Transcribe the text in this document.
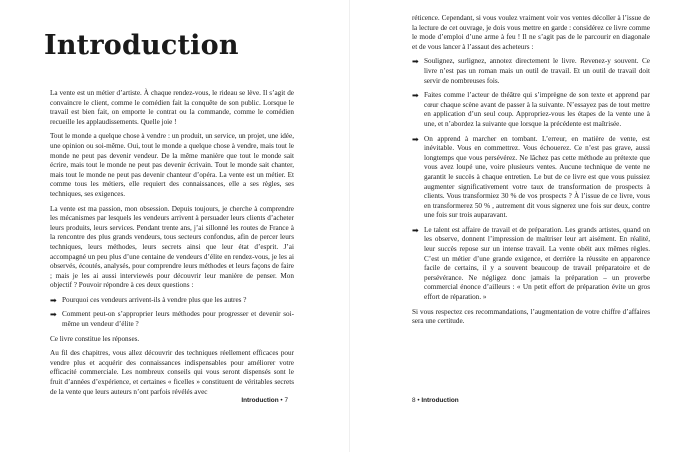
Introduction

La vente est un métier d’artiste. À chaque rendez-vous, le rideau se lève. Il s’agit de convaincre le client, comme le comédien fait la conquête de son public. Lorsque le travail est bien fait, on emporte le contrat ou la commande, comme le comédien recueille les applaudissements. Quelle joie !

Tout le monde a quelque chose à vendre : un produit, un service, un projet, une idée, une opinion ou soi-même. Oui, tout le monde a quelque chose à vendre, mais tout le monde ne peut pas devenir vendeur. De la même manière que tout le monde sait écrire, mais tout le monde ne peut pas devenir écrivain. Tout le monde sait chanter, mais tout le monde ne peut pas devenir chanteur d’opéra. La vente est un métier. Et comme tous les métiers, elle requiert des connaissances, elle a ses règles, ses techniques, ses exigences.

La vente est ma passion, mon obsession. Depuis toujours, je cherche à comprendre les mécanismes par lesquels les vendeurs arrivent à persuader leurs clients d’acheter leurs produits, leurs services. Pendant trente ans, j’ai sillonné les routes de France à la rencontre des plus grands vendeurs, tous secteurs confondus, afin de percer leurs techniques, leurs méthodes, leurs secrets ainsi que leur état d’esprit. J’ai accompagné un peu plus d’une centaine de vendeurs d’élite en rendez-vous, je les ai observés, écoutés, analysés, pour comprendre leurs méthodes et leurs façons de faire ; mais je les ai aussi interviewés pour découvrir leur manière de penser. Mon objectif ? Pouvoir répondre à ces deux questions :

➡ Pourquoi ces vendeurs arrivent-ils à vendre plus que les autres ?
➡ Comment peut-on s’approprier leurs méthodes pour progresser et devenir soi-même un vendeur d’élite ?

Ce livre constitue les réponses.

Au fil des chapitres, vous allez découvrir des techniques réellement efficaces pour vendre plus et acquérir des connaissances indispensables pour améliorer votre efficacité commerciale. Les nombreux conseils qui vous seront dispensés sont le fruit d’années d’expérience, et certaines « ficelles » constituent de véritables secrets de la vente que leurs auteurs n’ont parfois révélés avec

Introduction • 7

réticence. Cependant, si vous voulez vraiment voir vos ventes décoller à l’issue de la lecture de cet ouvrage, je dois vous mettre en garde : considérez ce livre comme le mode d’emploi d’une arme à feu ! Il ne s’agit pas de le parcourir en diagonale et de vous lancer à l’assaut des acheteurs :

➡ Soulignez, surlignez, annotez directement le livre. Revenez-y souvent. Ce livre n’est pas un roman mais un outil de travail. Et un outil de travail doit servir de nombreuses fois.
➡ Faites comme l’acteur de théâtre qui s’imprègne de son texte et apprend par cœur chaque scène avant de passer à la suivante. N’essayez pas de tout mettre en application d’un seul coup. Appropriez-vous les étapes de la vente une à une, et n’abordez la suivante que lorsque la précédente est maîtrisée.
➡ On apprend à marcher en tombant. L’erreur, en matière de vente, est inévitable. Vous en commettrez. Vous échouerez. Ce n’est pas grave, aussi longtemps que vous persévérez. Ne lâchez pas cette méthode au prétexte que vous avez loupé une, voire plusieurs ventes. Aucune technique de vente ne garantit le succès à chaque entretien. Le but de ce livre est que vous puissiez augmenter significativement votre taux de transformation de prospects à clients. Vous transformiez 30 % de vos prospects ? À l’issue de ce livre, vous en transformerez 50 % , autrement dit vous signerez une fois sur deux, contre une fois sur trois auparavant.
➡ Le talent est affaire de travail et de préparation. Les grands artistes, quand on les observe, donnent l’impression de maîtriser leur art aisément. En réalité, leur succès repose sur un intense travail. La vente obéit aux mêmes règles. C’est un métier d’une grande exigence, et derrière la réussite en apparence facile de certains, il y a souvent beaucoup de travail préparatoire et de persévérance. Ne négligez donc jamais la préparation – un proverbe commercial énonce d’ailleurs : « Un petit effort de préparation évite un gros effort de réparation. »

Si vous respectez ces recommandations, l’augmentation de votre chiffre d’affaires sera une certitude.

8 • Introduction
